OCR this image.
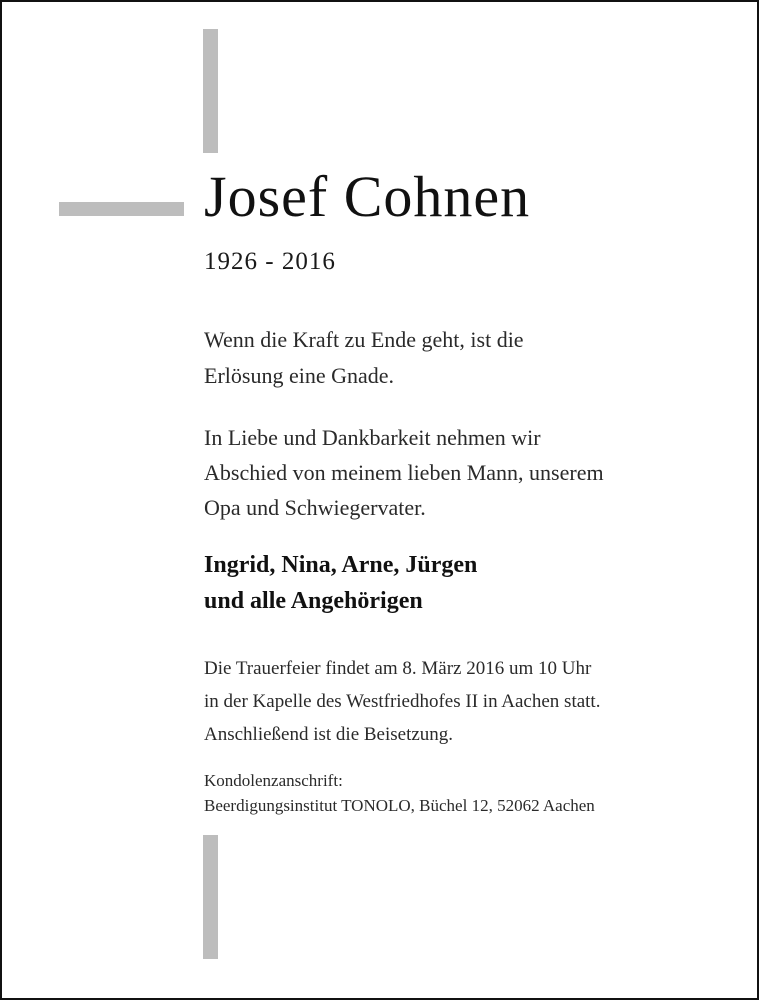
Josef Cohnen
1926 - 2016
Wenn die Kraft zu Ende geht, ist die
Erlösung eine Gnade.
In Liebe und Dankbarkeit nehmen wir
Abschied von meinem lieben Mann, unserem
Opa und Schwiegervater.
Ingrid, Nina, Arne, Jürgen
und alle Angehörigen
Die Trauerfeier findet am 8. März 2016 um 10 Uhr
in der Kapelle des Westfriedhofes II in Aachen statt.
Anschließend ist die Beisetzung.
Kondolenzanschrift:
Beerdigungsinstitut TONOLO, Büchel 12, 52062 Aachen
